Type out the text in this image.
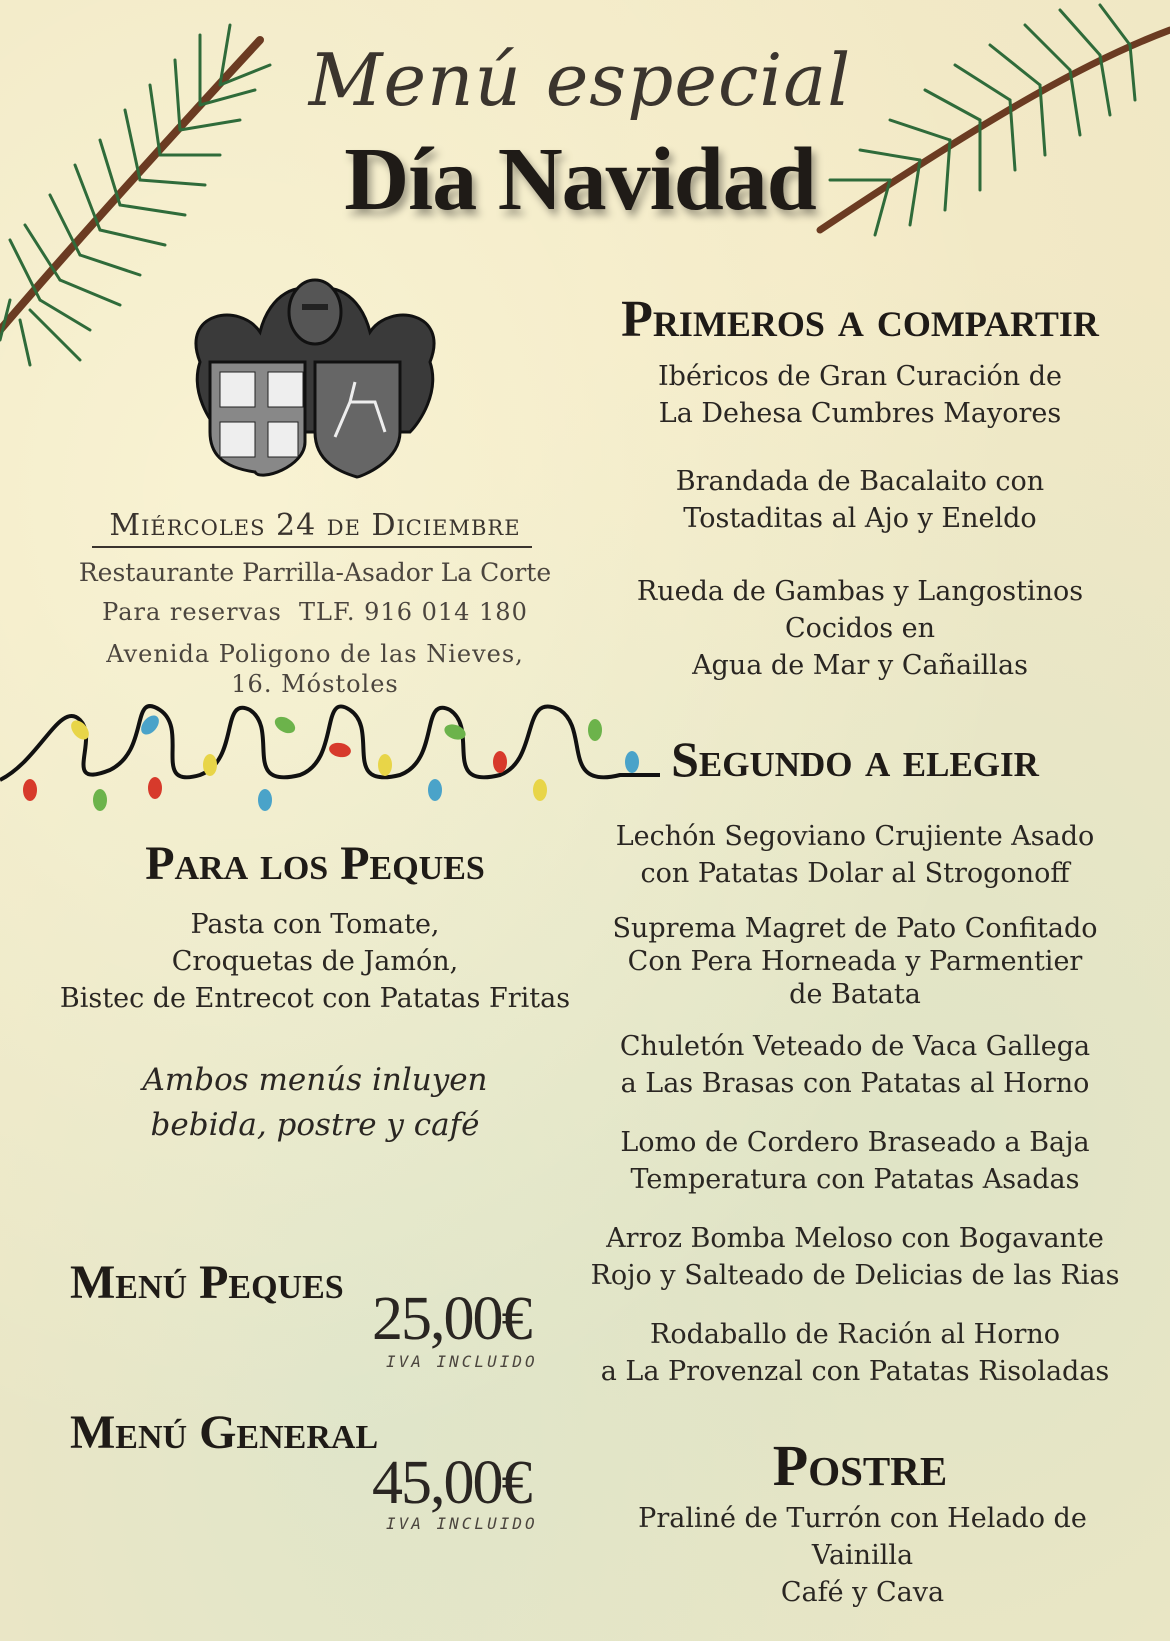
Menú especial
Día Navidad
Miércoles 24 de Diciembre
Restaurante Parrilla-Asador La Corte
Para reservas  TLF. 916 014 180
Avenida Poligono de las Nieves,
16. Móstoles
Primeros a compartir
Ibéricos de Gran Curación de
La Dehesa Cumbres Mayores
Brandada de Bacalaito con
Tostaditas al Ajo y Eneldo
Rueda de Gambas y Langostinos
Cocidos en
Agua de Mar y Cañaillas
Segundo a elegir
Lechón Segoviano Crujiente Asado
con Patatas Dolar al Strogonoff
Suprema Magret de Pato Confitado
Con Pera Horneada y Parmentier
de Batata
Chuletón Veteado de Vaca Gallega
a Las Brasas con Patatas al Horno
Lomo de Cordero Braseado a Baja
Temperatura con Patatas Asadas
Arroz Bomba Meloso con Bogavante
Rojo y Salteado de Delicias de las Rias
Rodaballo de Ración al Horno
a La Provenzal con Patatas Risoladas
Postre
Praliné de Turrón con Helado de Vainilla
Café y Cava
Para los Peques
Pasta con Tomate,
Croquetas de Jamón,
Bistec de Entrecot con Patatas Fritas
Ambos menús inluyen
bebida, postre y café
Menú Peques
25,00€
IVA INCLUIDO
Menú General
45,00€
IVA INCLUIDO
